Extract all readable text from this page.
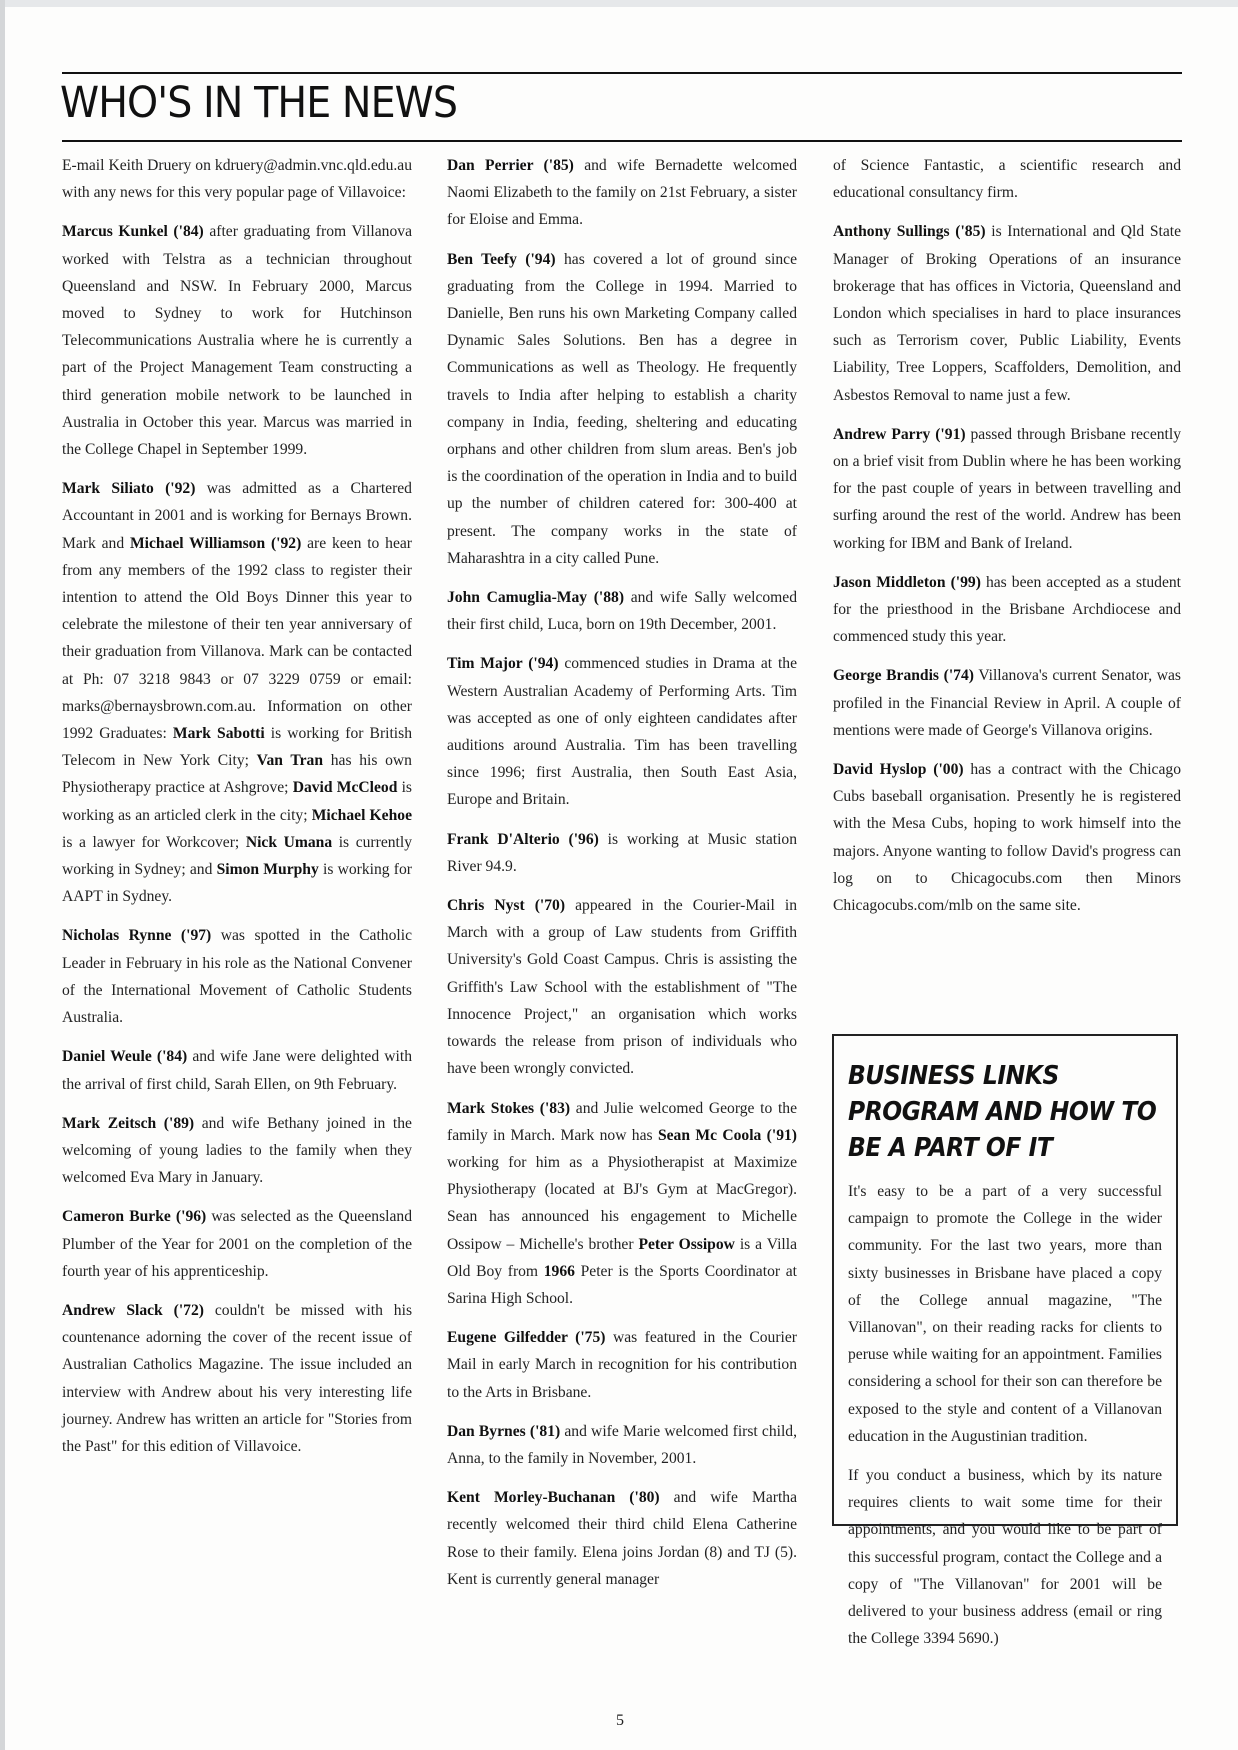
WHO'S IN THE NEWS

E-mail Keith Druery on kdruery@admin.vnc.qld.edu.au with any news for this very popular page of Villavoice:

Marcus Kunkel ('84) after graduating from Villanova worked with Telstra as a technician throughout Queensland and NSW. In February 2000, Marcus moved to Sydney to work for Hutchinson Telecommunications Australia where he is currently a part of the Project Management Team constructing a third generation mobile network to be launched in Australia in October this year. Marcus was married in the College Chapel in September 1999.

Mark Siliato ('92) was admitted as a Chartered Accountant in 2001 and is working for Bernays Brown. Mark and Michael Williamson ('92) are keen to hear from any members of the 1992 class to register their intention to attend the Old Boys Dinner this year to celebrate the milestone of their ten year anniversary of their graduation from Villanova. Mark can be contacted at Ph: 07 3218 9843 or 07 3229 0759 or email: marks@bernaysbrown.com.au. Information on other 1992 Graduates: Mark Sabotti is working for British Telecom in New York City; Van Tran has his own Physiotherapy practice at Ashgrove; David McCleod is working as an articled clerk in the city; Michael Kehoe is a lawyer for Workcover; Nick Umana is currently working in Sydney; and Simon Murphy is working for AAPT in Sydney.

Nicholas Rynne ('97) was spotted in the Catholic Leader in February in his role as the National Convener of the International Movement of Catholic Students Australia.

Daniel Weule ('84) and wife Jane were delighted with the arrival of first child, Sarah Ellen, on 9th February.

Mark Zeitsch ('89) and wife Bethany joined in the welcoming of young ladies to the family when they welcomed Eva Mary in January.

Cameron Burke ('96) was selected as the Queensland Plumber of the Year for 2001 on the completion of the fourth year of his apprenticeship.

Andrew Slack ('72) couldn't be missed with his countenance adorning the cover of the recent issue of Australian Catholics Magazine. The issue included an interview with Andrew about his very interesting life journey. Andrew has written an article for "Stories from the Past" for this edition of Villavoice.

Dan Perrier ('85) and wife Bernadette welcomed Naomi Elizabeth to the family on 21st February, a sister for Eloise and Emma.

Ben Teefy ('94) has covered a lot of ground since graduating from the College in 1994. Married to Danielle, Ben runs his own Marketing Company called Dynamic Sales Solutions. Ben has a degree in Communications as well as Theology. He frequently travels to India after helping to establish a charity company in India, feeding, sheltering and educating orphans and other children from slum areas. Ben's job is the coordination of the operation in India and to build up the number of children catered for: 300-400 at present. The company works in the state of Maharashtra in a city called Pune.

John Camuglia-May ('88) and wife Sally welcomed their first child, Luca, born on 19th December, 2001.

Tim Major ('94) commenced studies in Drama at the Western Australian Academy of Performing Arts. Tim was accepted as one of only eighteen candidates after auditions around Australia. Tim has been travelling since 1996; first Australia, then South East Asia, Europe and Britain.

Frank D'Alterio ('96) is working at Music station River 94.9.

Chris Nyst ('70) appeared in the Courier-Mail in March with a group of Law students from Griffith University's Gold Coast Campus. Chris is assisting the Griffith's Law School with the establishment of "The Innocence Project," an organisation which works towards the release from prison of individuals who have been wrongly convicted.

Mark Stokes ('83) and Julie welcomed George to the family in March. Mark now has Sean Mc Coola ('91) working for him as a Physiotherapist at Maximize Physiotherapy (located at BJ's Gym at MacGregor). Sean has announced his engagement to Michelle Ossipow – Michelle's brother Peter Ossipow is a Villa Old Boy from 1966 Peter is the Sports Coordinator at Sarina High School.

Eugene Gilfedder ('75) was featured in the Courier Mail in early March in recognition for his contribution to the Arts in Brisbane.

Dan Byrnes ('81) and wife Marie welcomed first child, Anna, to the family in November, 2001.

Kent Morley-Buchanan ('80) and wife Martha recently welcomed their third child Elena Catherine Rose to their family. Elena joins Jordan (8) and TJ (5). Kent is currently general manager

of Science Fantastic, a scientific research and educational consultancy firm.

Anthony Sullings ('85) is International and Qld State Manager of Broking Operations of an insurance brokerage that has offices in Victoria, Queensland and London which specialises in hard to place insurances such as Terrorism cover, Public Liability, Events Liability, Tree Loppers, Scaffolders, Demolition, and Asbestos Removal to name just a few.

Andrew Parry ('91) passed through Brisbane recently on a brief visit from Dublin where he has been working for the past couple of years in between travelling and surfing around the rest of the world. Andrew has been working for IBM and Bank of Ireland.

Jason Middleton ('99) has been accepted as a student for the priesthood in the Brisbane Archdiocese and commenced study this year.

George Brandis ('74) Villanova's current Senator, was profiled in the Financial Review in April. A couple of mentions were made of George's Villanova origins.

David Hyslop ('00) has a contract with the Chicago Cubs baseball organisation. Presently he is registered with the Mesa Cubs, hoping to work himself into the majors. Anyone wanting to follow David's progress can log on to Chicagocubs.com then Minors Chicagocubs.com/mlb on the same site.

BUSINESS LINKS PROGRAM AND HOW TO BE A PART OF IT

It's easy to be a part of a very successful campaign to promote the College in the wider community. For the last two years, more than sixty businesses in Brisbane have placed a copy of the College annual magazine, "The Villanovan", on their reading racks for clients to peruse while waiting for an appointment. Families considering a school for their son can therefore be exposed to the style and content of a Villanovan education in the Augustinian tradition.

If you conduct a business, which by its nature requires clients to wait some time for their appointments, and you would like to be part of this successful program, contact the College and a copy of "The Villanovan" for 2001 will be delivered to your business address (email or ring the College 3394 5690.)

5
